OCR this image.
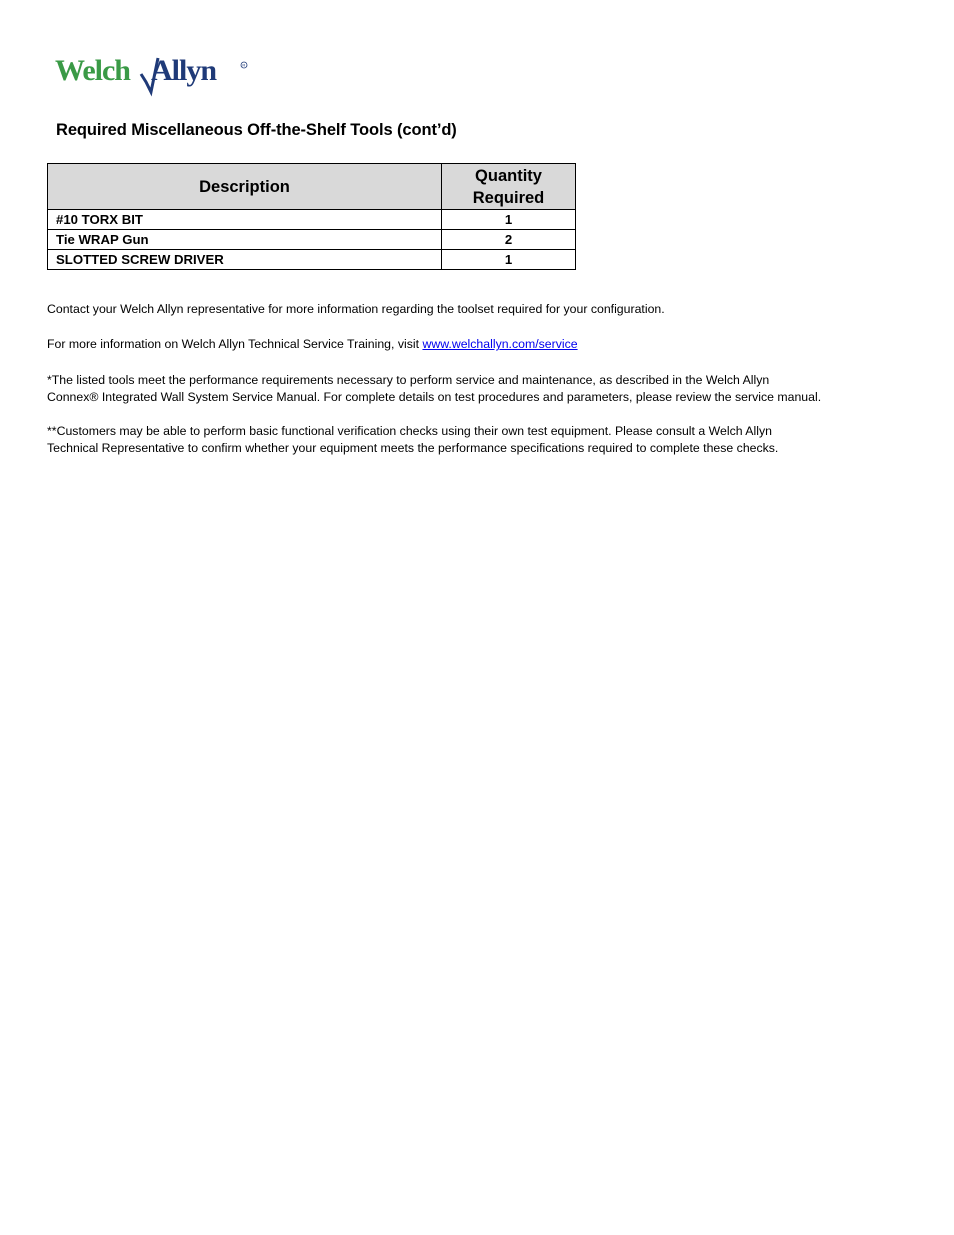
Welch Allyn	R
Required Miscellaneous Off-the-Shelf Tools (cont’d)
Description	Quantity
Required
#10 TORX BIT	1
Tie WRAP Gun	2
SLOTTED SCREW DRIVER	1
Contact your Welch Allyn representative for more information regarding the toolset required for your configuration.
For more information on Welch Allyn Technical Service Training, visit www.welchallyn.com/service
*The listed tools meet the performance requirements necessary to perform service and maintenance, as described in the Welch Allyn
Connex® Integrated Wall System Service Manual. For complete details on test procedures and parameters, please review the service manual.
**Customers may be able to perform basic functional verification checks using their own test equipment. Please consult a Welch Allyn
Technical Representative to confirm whether your equipment meets the performance specifications required to complete these checks.
